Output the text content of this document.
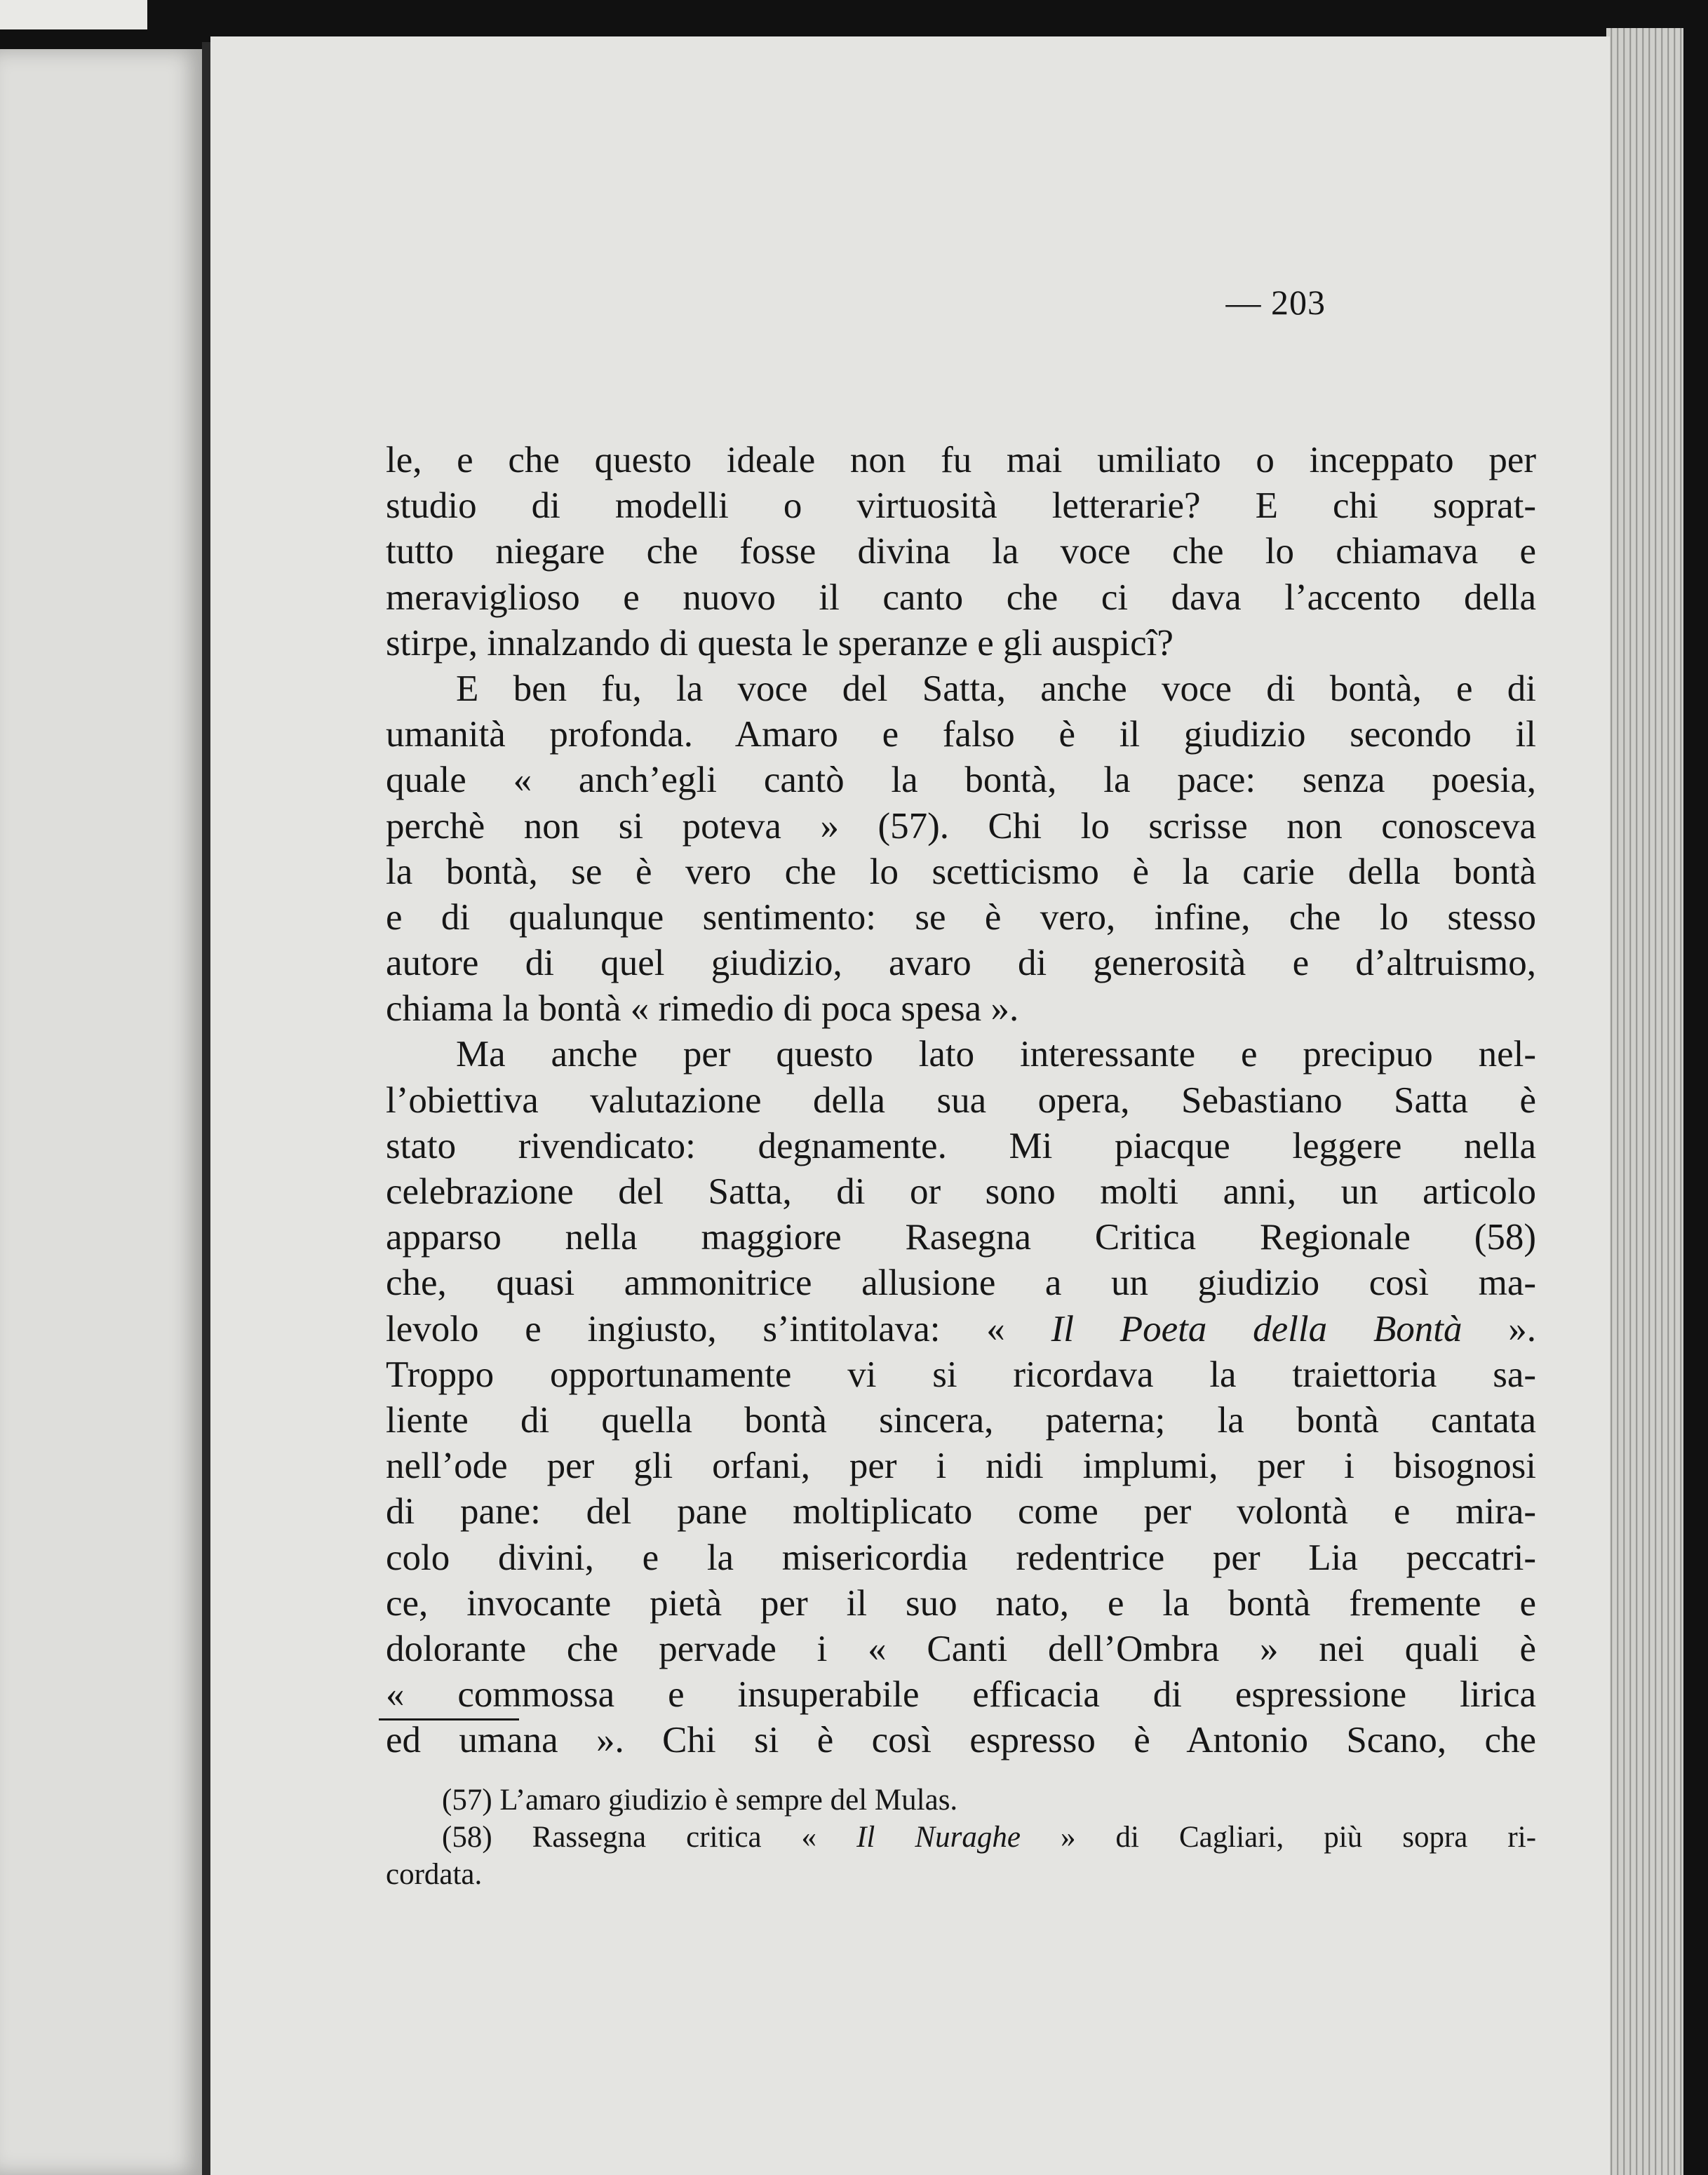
— 203
le, e che questo ideale non fu mai umiliato o inceppato per
studio di modelli o virtuosità letterarie? E chi soprat-
tutto niegare che fosse divina la voce che lo chiamava e
meraviglioso e nuovo il canto che ci dava l’accento della
stirpe, innalzando di questa le speranze e gli auspicî?
E ben fu, la voce del Satta, anche voce di bontà, e di
umanità profonda. Amaro e falso è il giudizio secondo il
quale « anch’egli cantò la bontà, la pace: senza poesia,
perchè non si poteva » (57). Chi lo scrisse non conosceva
la bontà, se è vero che lo scetticismo è la carie della bontà
e di qualunque sentimento: se è vero, infine, che lo stesso
autore di quel giudizio, avaro di generosità e d’altruismo,
chiama la bontà « rimedio di poca spesa ».
Ma anche per questo lato interessante e precipuo nel-
l’obiettiva valutazione della sua opera, Sebastiano Satta è
stato rivendicato: degnamente. Mi piacque leggere nella
celebrazione del Satta, di or sono molti anni, un articolo
apparso nella maggiore Rasegna Critica Regionale (58)
che, quasi ammonitrice allusione a un giudizio così ma-
levolo e ingiusto, s’intitolava: « Il Poeta della Bontà ».
Troppo opportunamente vi si ricordava la traiettoria sa-
liente di quella bontà sincera, paterna; la bontà cantata
nell’ode per gli orfani, per i nidi implumi, per i bisognosi
di pane: del pane moltiplicato come per volontà e mira-
colo divini, e la misericordia redentrice per Lia peccatri-
ce, invocante pietà per il suo nato, e la bontà fremente e
dolorante che pervade i « Canti dell’Ombra » nei quali è
« commossa e insuperabile efficacia di espressione lirica
ed umana ». Chi si è così espresso è Antonio Scano, che
(57) L’amaro giudizio è sempre del Mulas.
(58) Rassegna critica « Il Nuraghe » di Cagliari, più sopra ri-
cordata.
